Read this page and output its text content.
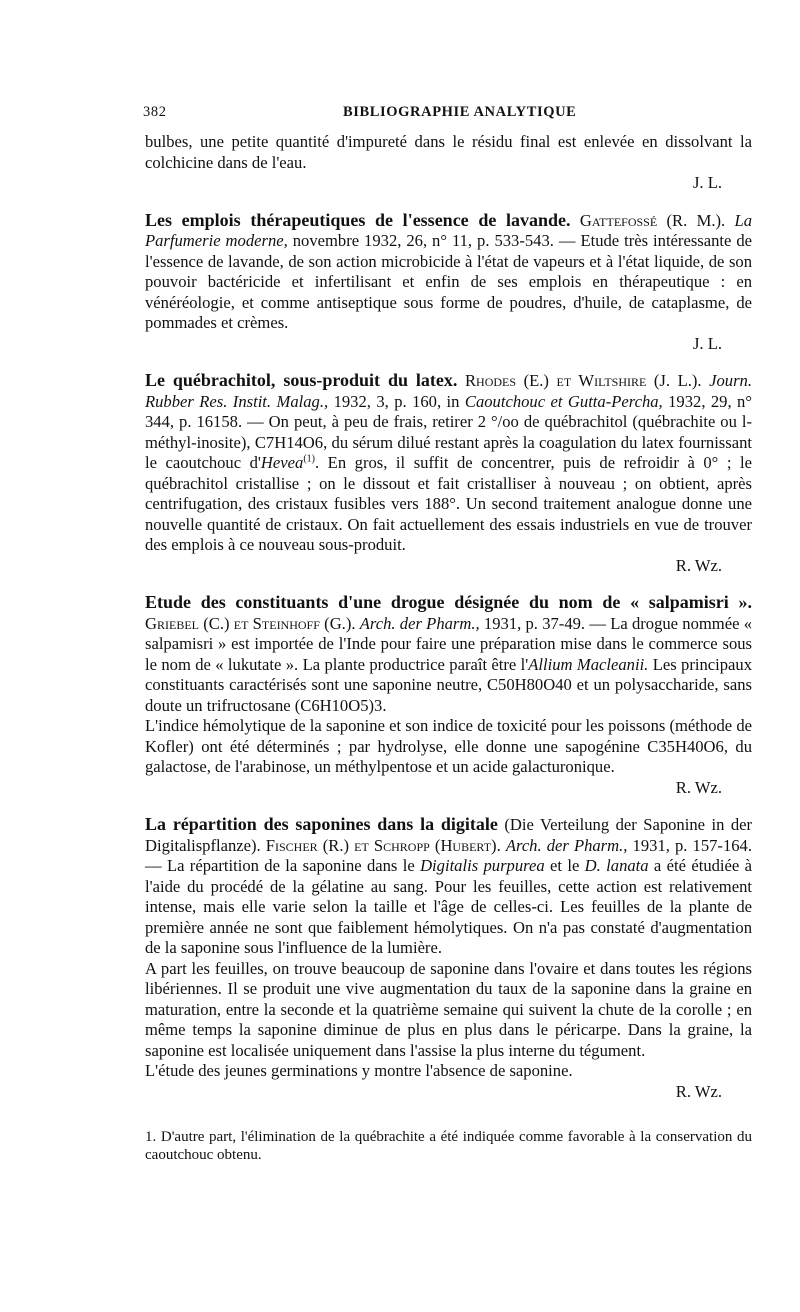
382	BIBLIOGRAPHIE ANALYTIQUE

bulbes, une petite quantité d'impureté dans le résidu final est enlevée en dissolvant la colchicine dans de l'eau.

J. L.

Les emplois thérapeutiques de l'essence de lavande. Gattefossé (R. M.). La Parfumerie moderne, novembre 1932, 26, n° 11, p. 533-543. — Etude très intéressante de l'essence de lavande, de son action microbicide à l'état de vapeurs et à l'état liquide, de son pouvoir bactéricide et infertilisant et enfin de ses emplois en thérapeutique : en vénéréologie, et comme antiseptique sous forme de poudres, d'huile, de cataplasme, de pommades et crèmes.

J. L.

Le québrachitol, sous-produit du latex. Rhodes (E.) et Wiltshire (J. L.). Journ. Rubber Res. Instit. Malag., 1932, 3, p. 160, in Caoutchouc et Gutta-Percha, 1932, 29, n° 344, p. 16158. — On peut, à peu de frais, retirer 2 °/oo de québrachitol (québrachite ou l-méthyl-inosite), C7H14O6, du sérum dilué restant après la coagulation du latex fournissant le caoutchouc d'Hevea$^{(1)}$. En gros, il suffit de concentrer, puis de refroidir à 0° ; le québrachitol cristallise ; on le dissout et fait cristalliser à nouveau ; on obtient, après centrifugation, des cristaux fusibles vers 188°. Un second traitement analogue donne une nouvelle quantité de cristaux. On fait actuellement des essais industriels en vue de trouver des emplois à ce nouveau sous-produit.

R. Wz.

Etude des constituants d'une drogue désignée du nom de « salpamisri ». Griebel (C.) et Steinhoff (G.). Arch. der Pharm., 1931, p. 37-49. — La drogue nommée « salpamisri » est importée de l'Inde pour faire une préparation mise dans le commerce sous le nom de « lukutate ». La plante productrice paraît être l'Allium Macleanii. Les principaux constituants caractérisés sont une saponine neutre, C50H80O40 et un polysaccharide, sans doute un trifructosane (C6H10O5)3.

L'indice hémolytique de la saponine et son indice de toxicité pour les poissons (méthode de Kofler) ont été déterminés ; par hydrolyse, elle donne une sapogénine C35H40O6, du galactose, de l'arabinose, un méthylpentose et un acide galacturonique.

R. Wz.

La répartition des saponines dans la digitale (Die Verteilung der Saponine in der Digitalispflanze). Fischer (R.) et Schropp (Hubert). Arch. der Pharm., 1931, p. 157-164. — La répartition de la saponine dans le Digitalis purpurea et le D. lanata a été étudiée à l'aide du procédé de la gélatine au sang. Pour les feuilles, cette action est relativement intense, mais elle varie selon la taille et l'âge de celles-ci. Les feuilles de la plante de première année ne sont que faiblement hémolytiques. On n'a pas constaté d'augmentation de la saponine sous l'influence de la lumière.

A part les feuilles, on trouve beaucoup de saponine dans l'ovaire et dans toutes les régions libériennes. Il se produit une vive augmentation du taux de la saponine dans la graine en maturation, entre la seconde et la quatrième semaine qui suivent la chute de la corolle ; en même temps la saponine diminue de plus en plus dans le péricarpe. Dans la graine, la saponine est localisée uniquement dans l'assise la plus interne du tégument.

L'étude des jeunes germinations y montre l'absence de saponine.

R. Wz.
1. D'autre part, l'élimination de la québrachite a été indiquée comme favorable à la conservation du caoutchouc obtenu.
